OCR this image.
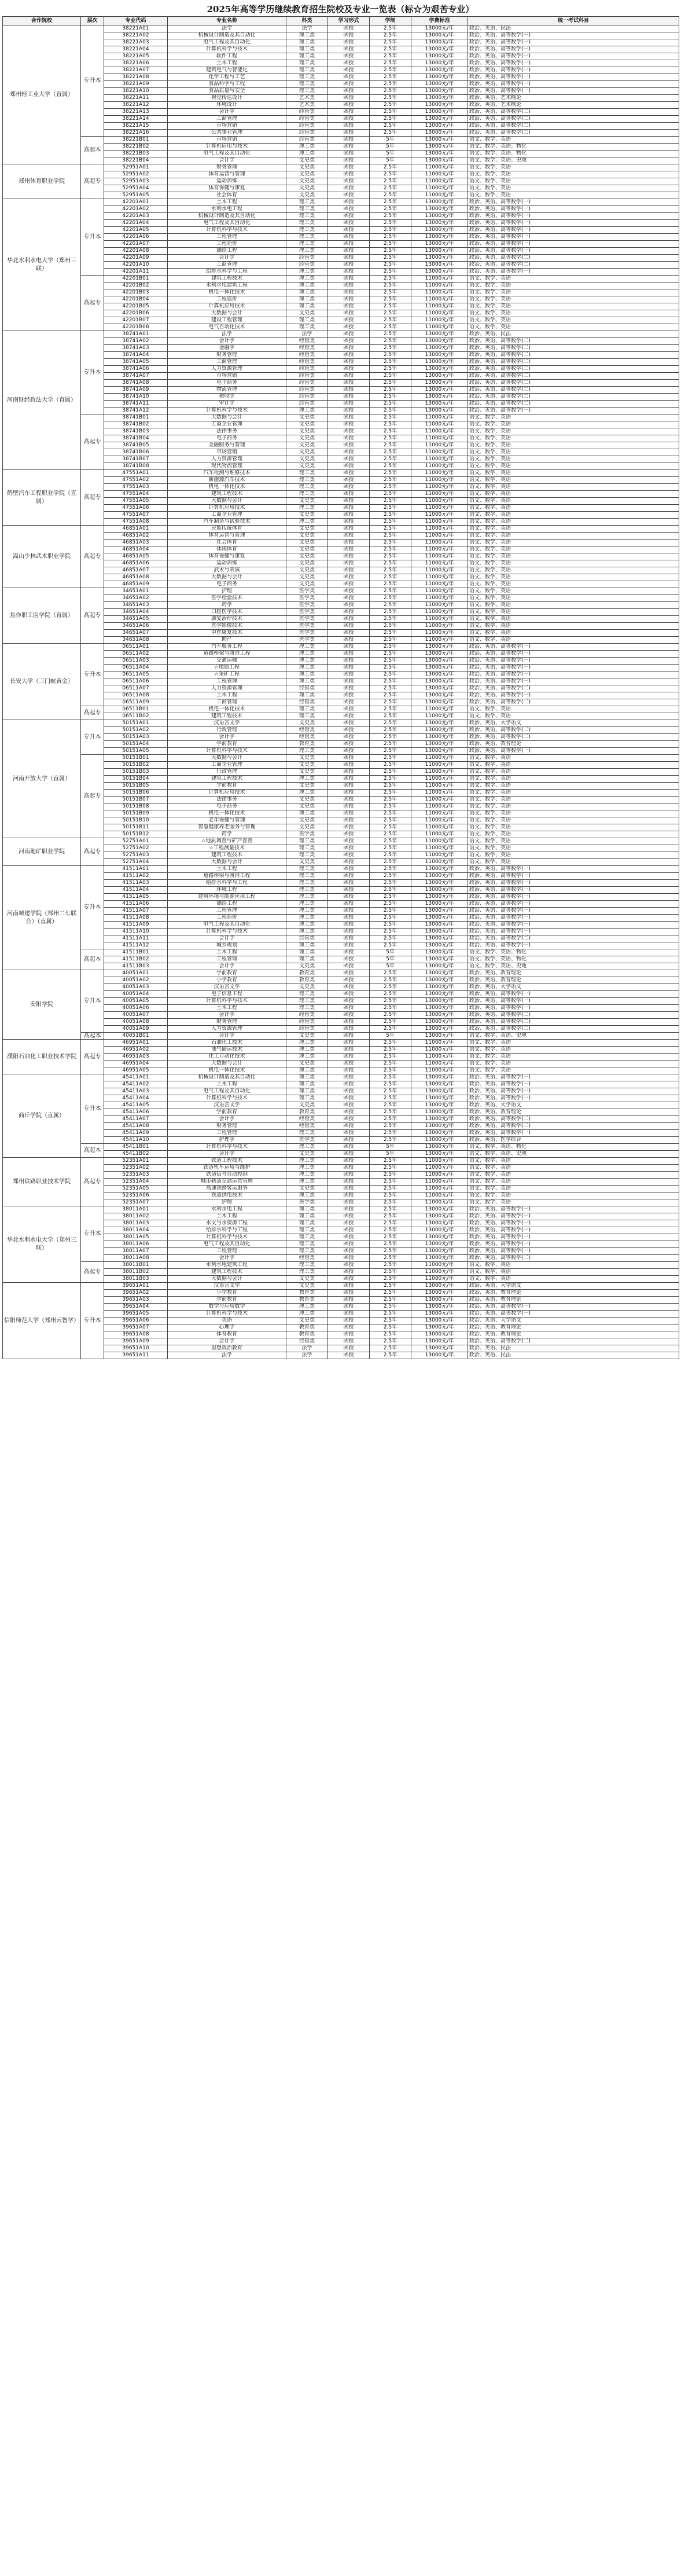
2025年高等学历继续教育招生院校及专业一览表（标☆为艰苦专业）
合作院校	层次	专业代码	专业名称	科类	学习形式	学制	学费标准	统一考试科目
郑州轻工业大学（直属）	专升本	38221A01	法学	法学	函授	2.5年	13000元/年	政治、英语、民法
		38221A02	机械设计制造及其自动化	理工类	函授	2.5年	13000元/年	政治、英语、高等数学(一)
		38221A03	电气工程及其自动化	理工类	函授	2.5年	13000元/年	政治、英语、高等数学(一)
		38221A04	计算机科学与技术	理工类	函授	2.5年	13000元/年	政治、英语、高等数学(一)
		38221A05	软件工程	理工类	函授	2.5年	13000元/年	政治、英语、高等数学(一)
		38221A06	土木工程	理工类	函授	2.5年	13000元/年	政治、英语、高等数学(一)
		38221A07	建筑电气与智能化	理工类	函授	2.5年	13000元/年	政治、英语、高等数学(一)
		38221A08	化学工程与工艺	理工类	函授	2.5年	13000元/年	政治、英语、高等数学(一)
		38221A09	食品科学与工程	理工类	函授	2.5年	13000元/年	政治、英语、高等数学(一)
		38221A10	食品质量与安全	理工类	函授	2.5年	13000元/年	政治、英语、高等数学(一)
		38221A11	视觉传达设计	艺术类	函授	2.5年	13000元/年	政治、英语、艺术概论
		38221A12	环境设计	艺术类	函授	2.5年	13000元/年	政治、英语、艺术概论
		38221A13	会计学	经管类	函授	2.5年	13000元/年	政治、英语、高等数学(二)
		38221A14	工商管理	经管类	函授	2.5年	13000元/年	政治、英语、高等数学(二)
		38221A15	市场营销	经管类	函授	2.5年	13000元/年	政治、英语、高等数学(二)
		38221A16	公共事业管理	经管类	函授	2.5年	13000元/年	政治、英语、高等数学(二)
	高起本	38221B01	市场营销	经管类	函授	5年	13000元/年	语文、数学、英语
		38221B02	计算机应用与技术	理工类	函授	5年	13000元/年	语文、数学、英语、物化
		38221B03	电气工程及其自动化	理工类	函授	5年	13000元/年	语文、数学、英语、物化
		38221B04	会计学	文史类	函授	5年	13000元/年	语文、数学、英语、史地
郑州体育职业学院	高起专	52951A01	财务管理	文史类	函授	2.5年	11000元/年	语文、数学、英语
		52951A02	体育运营与管理	文史类	函授	2.5年	11000元/年	语文、数学、英语
		52951A03	运动训练	文史类	函授	2.5年	11000元/年	语文、数学、英语
		52951A04	体育保健与康复	文史类	函授	2.5年	11000元/年	语文、数学、英语
		52951A05	社会体育	文史类	函授	2.5年	11000元/年	语文、数学、英语
华北水利水电大学（郑州三联）	专升本	42201A01	土木工程	理工类	函授	2.5年	13000元/年	政治、英语、高等数学(一)
		42201A02	水利水电工程	理工类	函授	2.5年	13000元/年	政治、英语、高等数学(一)
		42201A03	机械设计制造及其自动化	理工类	函授	2.5年	13000元/年	政治、英语、高等数学(一)
		42201A04	电气工程及其自动化	理工类	函授	2.5年	13000元/年	政治、英语、高等数学(一)
		42201A05	计算机科学与技术	理工类	函授	2.5年	13000元/年	政治、英语、高等数学(一)
		42201A06	工程管理	理工类	函授	2.5年	13000元/年	政治、英语、高等数学(一)
		42201A07	工程造价	理工类	函授	2.5年	13000元/年	政治、英语、高等数学(一)
		42201A08	测绘工程	理工类	函授	2.5年	13000元/年	政治、英语、高等数学(一)
		42201A09	会计学	经管类	函授	2.5年	13000元/年	政治、英语、高等数学(二)
		42201A10	工商管理	经管类	函授	2.5年	13000元/年	政治、英语、高等数学(二)
		42201A11	给排水科学与工程	理工类	函授	2.5年	13000元/年	政治、英语、高等数学(一)
	高起专	42201B01	建筑工程技术	理工类	函授	2.5年	11000元/年	语文、数学、英语
		42201B02	水利水电建筑工程	理工类	函授	2.5年	11000元/年	语文、数学、英语
		42201B03	机电一体化技术	理工类	函授	2.5年	11000元/年	语文、数学、英语
		42201B04	工程造价	理工类	函授	2.5年	11000元/年	语文、数学、英语
		42201B05	计算机应用技术	理工类	函授	2.5年	11000元/年	语文、数学、英语
		42201B06	大数据与会计	文史类	函授	2.5年	11000元/年	语文、数学、英语
		42201B07	建设工程管理	理工类	函授	2.5年	11000元/年	语文、数学、英语
		42201B08	电气自动化技术	理工类	函授	2.5年	11000元/年	语文、数学、英语
河南财经政法大学（直属）	专升本	38741A01	法学	法学	函授	2.5年	13000元/年	政治、英语、民法
		38741A02	会计学	经管类	函授	2.5年	13000元/年	政治、英语、高等数学(二)
		38741A03	金融学	经管类	函授	2.5年	13000元/年	政治、英语、高等数学(二)
		38741A04	财务管理	经管类	函授	2.5年	13000元/年	政治、英语、高等数学(二)
		38741A05	工商管理	经管类	函授	2.5年	13000元/年	政治、英语、高等数学(二)
		38741A06	人力资源管理	经管类	函授	2.5年	13000元/年	政治、英语、高等数学(二)
		38741A07	市场营销	经管类	函授	2.5年	13000元/年	政治、英语、高等数学(二)
		38741A08	电子商务	经管类	函授	2.5年	13000元/年	政治、英语、高等数学(二)
		38741A09	物流管理	经管类	函授	2.5年	13000元/年	政治、英语、高等数学(二)
		38741A10	税收学	经管类	函授	2.5年	13000元/年	政治、英语、高等数学(二)
		38741A11	审计学	经管类	函授	2.5年	13000元/年	政治、英语、高等数学(二)
		38741A12	计算机科学与技术	理工类	函授	2.5年	13000元/年	政治、英语、高等数学(一)
	高起专	38741B01	大数据与会计	文史类	函授	2.5年	11000元/年	语文、数学、英语
		38741B02	工商企业管理	文史类	函授	2.5年	11000元/年	语文、数学、英语
		38741B03	法律事务	文史类	函授	2.5年	11000元/年	语文、数学、英语
		38741B04	电子商务	文史类	函授	2.5年	11000元/年	语文、数学、英语
		38741B05	金融服务与管理	文史类	函授	2.5年	11000元/年	语文、数学、英语
		38741B06	市场营销	文史类	函授	2.5年	11000元/年	语文、数学、英语
		38741B07	人力资源管理	文史类	函授	2.5年	11000元/年	语文、数学、英语
		38741B08	现代物流管理	文史类	函授	2.5年	11000元/年	语文、数学、英语
鹤壁汽车工程职业学院（直属）	高起专	47551A01	汽车检测与维修技术	理工类	函授	2.5年	11000元/年	语文、数学、英语
		47551A02	新能源汽车技术	理工类	函授	2.5年	11000元/年	语文、数学、英语
		47551A03	机电一体化技术	理工类	函授	2.5年	11000元/年	语文、数学、英语
		47551A04	建筑工程技术	理工类	函授	2.5年	11000元/年	语文、数学、英语
		47551A05	大数据与会计	文史类	函授	2.5年	11000元/年	语文、数学、英语
		47551A06	计算机应用技术	理工类	函授	2.5年	11000元/年	语文、数学、英语
		47551A07	工商企业管理	文史类	函授	2.5年	11000元/年	语文、数学、英语
		47551A08	汽车制造与试验技术	理工类	函授	2.5年	11000元/年	语文、数学、英语
嵩山少林武术职业学院	高起专	46851A01	民族传统体育	文史类	函授	2.5年	11000元/年	语文、数学、英语
		46851A02	体育运营与管理	文史类	函授	2.5年	11000元/年	语文、数学、英语
		46851A03	社会体育	文史类	函授	2.5年	11000元/年	语文、数学、英语
		46851A04	休闲体育	文史类	函授	2.5年	11000元/年	语文、数学、英语
		46851A05	体育保健与康复	文史类	函授	2.5年	11000元/年	语文、数学、英语
		46851A06	运动训练	文史类	函授	2.5年	11000元/年	语文、数学、英语
		46851A07	武术与表演	文史类	函授	2.5年	11000元/年	语文、数学、英语
		46851A08	大数据与会计	文史类	函授	2.5年	11000元/年	语文、数学、英语
		46851A09	电子商务	文史类	函授	2.5年	11000元/年	语文、数学、英语
焦作职工医学院（直属）	高起专	34651A01	护理	医学类	函授	2.5年	11000元/年	语文、数学、英语
		34651A02	医学检验技术	医学类	函授	2.5年	11000元/年	语文、数学、英语
		34651A03	药学	医学类	函授	2.5年	11000元/年	语文、数学、英语
		34651A04	口腔医学技术	医学类	函授	2.5年	11000元/年	语文、数学、英语
		34651A05	康复治疗技术	医学类	函授	2.5年	11000元/年	语文、数学、英语
		34651A06	医学影像技术	医学类	函授	2.5年	11000元/年	语文、数学、英语
		34651A07	中医康复技术	医学类	函授	2.5年	11000元/年	语文、数学、英语
		34651A08	助产	医学类	函授	2.5年	11000元/年	语文、数学、英语
长安大学（三门峡黄金）	专升本	06511A01	汽车服务工程	理工类	函授	2.5年	13000元/年	政治、英语、高等数学(一)
		06511A02	道路桥梁与渡河工程	理工类	函授	2.5年	13000元/年	政治、英语、高等数学(一)
		06511A03	交通运输	理工类	函授	2.5年	13000元/年	政治、英语、高等数学(一)
		06511A04	☆地质工程	理工类	函授	2.5年	13000元/年	政治、英语、高等数学(一)
		06511A05	☆采矿工程	理工类	函授	2.5年	13000元/年	政治、英语、高等数学(一)
		06511A06	工程管理	理工类	函授	2.5年	13000元/年	政治、英语、高等数学(一)
		06511A07	人力资源管理	经管类	函授	2.5年	13000元/年	政治、英语、高等数学(二)
		06511A08	土木工程	理工类	函授	2.5年	13000元/年	政治、英语、高等数学(一)
		06511A09	工商管理	经管类	函授	2.5年	13000元/年	政治、英语、高等数学(二)
	高起专	06511B01	机电一体化技术	理工类	函授	2.5年	11000元/年	语文、数学、英语
		06511B02	建筑工程技术	理工类	函授	2.5年	11000元/年	语文、数学、英语
河南开放大学（直属）	专升本	50151A01	汉语言文学	文史类	函授	2.5年	13000元/年	政治、英语、大学语文
		50151A02	行政管理	经管类	函授	2.5年	13000元/年	政治、英语、高等数学(二)
		50151A03	会计学	经管类	函授	2.5年	13000元/年	政治、英语、高等数学(二)
		50151A04	学前教育	教育类	函授	2.5年	13000元/年	政治、英语、教育理论
		50151A05	计算机科学与技术	理工类	函授	2.5年	13000元/年	政治、英语、高等数学(一)
	高起专	50151B01	大数据与会计	文史类	函授	2.5年	11000元/年	语文、数学、英语
		50151B02	工商企业管理	文史类	函授	2.5年	11000元/年	语文、数学、英语
		50151B03	行政管理	文史类	函授	2.5年	11000元/年	语文、数学、英语
		50151B04	建筑工程技术	理工类	函授	2.5年	11000元/年	语文、数学、英语
		50151B05	学前教育	文史类	函授	2.5年	11000元/年	语文、数学、英语
		50151B06	计算机应用技术	理工类	函授	2.5年	11000元/年	语文、数学、英语
		50151B07	法律事务	文史类	函授	2.5年	11000元/年	语文、数学、英语
		50151B08	电子商务	文史类	函授	2.5年	11000元/年	语文、数学、英语
		50151B09	机电一体化技术	理工类	函授	2.5年	11000元/年	语文、数学、英语
		50151B10	老年保健与管理	文史类	函授	2.5年	11000元/年	语文、数学、英语
		50151B11	智慧健康养老服务与管理	文史类	函授	2.5年	11000元/年	语文、数学、英语
		50151B12	药学	医学类	函授	2.5年	11000元/年	语文、数学、英语
河南地矿职业学院	高起专	52751A01	☆地质调查与矿产普查	理工类	函授	2.5年	11000元/年	语文、数学、英语
		52751A02	☆工程测量技术	理工类	函授	2.5年	11000元/年	语文、数学、英语
		52751A03	建筑工程技术	理工类	函授	2.5年	11000元/年	语文、数学、英语
		52751A04	大数据与会计	文史类	函授	2.5年	11000元/年	语文、数学、英语
河南城建学院（郑州二七联合）（直属）	专升本	41511A01	土木工程	理工类	函授	2.5年	13000元/年	政治、英语、高等数学(一)
		41511A02	道路桥梁与渡河工程	理工类	函授	2.5年	13000元/年	政治、英语、高等数学(一)
		41511A03	给排水科学与工程	理工类	函授	2.5年	13000元/年	政治、英语、高等数学(一)
		41511A04	环境工程	理工类	函授	2.5年	13000元/年	政治、英语、高等数学(一)
		41511A05	建筑环境与能源应用工程	理工类	函授	2.5年	13000元/年	政治、英语、高等数学(一)
		41511A06	测绘工程	理工类	函授	2.5年	13000元/年	政治、英语、高等数学(一)
		41511A07	工程管理	理工类	函授	2.5年	13000元/年	政治、英语、高等数学(一)
		41511A08	工程造价	理工类	函授	2.5年	13000元/年	政治、英语、高等数学(一)
		41511A09	电气工程及其自动化	理工类	函授	2.5年	13000元/年	政治、英语、高等数学(一)
		41511A10	计算机科学与技术	理工类	函授	2.5年	13000元/年	政治、英语、高等数学(一)
		41511A11	会计学	经管类	函授	2.5年	13000元/年	政治、英语、高等数学(二)
		41511A12	城乡规划	理工类	函授	2.5年	13000元/年	政治、英语、高等数学(一)
	高起本	41511B01	土木工程	理工类	函授	5年	13000元/年	语文、数学、英语、物化
		41511B02	工程管理	理工类	函授	5年	13000元/年	语文、数学、英语、物化
		41511B03	会计学	文史类	函授	5年	13000元/年	语文、数学、英语、史地
安阳学院	专升本	40051A01	学前教育	教育类	函授	2.5年	13000元/年	政治、英语、教育理论
		40051A02	小学教育	教育类	函授	2.5年	13000元/年	政治、英语、教育理论
		40051A03	汉语言文学	文史类	函授	2.5年	13000元/年	政治、英语、大学语文
		40051A04	电子信息工程	理工类	函授	2.5年	13000元/年	政治、英语、高等数学(一)
		40051A05	计算机科学与技术	理工类	函授	2.5年	13000元/年	政治、英语、高等数学(一)
		40051A06	土木工程	理工类	函授	2.5年	13000元/年	政治、英语、高等数学(一)
		40051A07	会计学	经管类	函授	2.5年	13000元/年	政治、英语、高等数学(二)
		40051A08	财务管理	经管类	函授	2.5年	13000元/年	政治、英语、高等数学(二)
		40051A09	人力资源管理	经管类	函授	2.5年	13000元/年	政治、英语、高等数学(二)
	高起本	40051B01	会计学	文史类	函授	5年	13000元/年	语文、数学、英语、史地
濮阳石油化工职业技术学院	高起专	46951A01	石油化工技术	理工类	函授	2.5年	11000元/年	语文、数学、英语
		46951A02	油气储运技术	理工类	函授	2.5年	11000元/年	语文、数学、英语
		46951A03	化工自动化技术	理工类	函授	2.5年	11000元/年	语文、数学、英语
		46951A04	大数据与会计	文史类	函授	2.5年	11000元/年	语文、数学、英语
		46951A05	机电一体化技术	理工类	函授	2.5年	11000元/年	语文、数学、英语
商丘学院（直属）	专升本	45411A01	机械设计制造及其自动化	理工类	函授	2.5年	13000元/年	政治、英语、高等数学(一)
		45411A02	土木工程	理工类	函授	2.5年	13000元/年	政治、英语、高等数学(一)
		45411A03	电气工程及其自动化	理工类	函授	2.5年	13000元/年	政治、英语、高等数学(一)
		45411A04	计算机科学与技术	理工类	函授	2.5年	13000元/年	政治、英语、高等数学(一)
		45411A05	汉语言文学	文史类	函授	2.5年	13000元/年	政治、英语、大学语文
		45411A06	学前教育	教育类	函授	2.5年	13000元/年	政治、英语、教育理论
		45411A07	会计学	经管类	函授	2.5年	13000元/年	政治、英语、高等数学(二)
		45411A08	财务管理	经管类	函授	2.5年	13000元/年	政治、英语、高等数学(二)
		45411A09	工程管理	理工类	函授	2.5年	13000元/年	政治、英语、高等数学(一)
		45411A10	护理学	医学类	函授	2.5年	13000元/年	政治、英语、医学综合
	高起本	45411B01	计算机科学与技术	理工类	函授	5年	13000元/年	语文、数学、英语、物化
		45411B02	会计学	文史类	函授	5年	13000元/年	语文、数学、英语、史地
郑州铁路职业技术学院	高起专	52351A01	铁道工程技术	理工类	函授	2.5年	11000元/年	语文、数学、英语
		52351A02	铁道机车运用与维护	理工类	函授	2.5年	11000元/年	语文、数学、英语
		52351A03	铁道信号自动控制	理工类	函授	2.5年	11000元/年	语文、数学、英语
		52351A04	城市轨道交通运营管理	理工类	函授	2.5年	11000元/年	语文、数学、英语
		52351A05	高速铁路客运服务	文史类	函授	2.5年	11000元/年	语文、数学、英语
		52351A06	铁道供电技术	理工类	函授	2.5年	11000元/年	语文、数学、英语
		52351A07	护理	医学类	函授	2.5年	11000元/年	语文、数学、英语
华北水利水电大学（郑州三联）	专升本	38011A01	水利水电工程	理工类	函授	2.5年	13000元/年	政治、英语、高等数学(一)
		38011A02	土木工程	理工类	函授	2.5年	13000元/年	政治、英语、高等数学(一)
		38011A03	水文与水资源工程	理工类	函授	2.5年	13000元/年	政治、英语、高等数学(一)
		38011A04	给排水科学与工程	理工类	函授	2.5年	13000元/年	政治、英语、高等数学(一)
		38011A05	计算机科学与技术	理工类	函授	2.5年	13000元/年	政治、英语、高等数学(一)
		38011A06	电气工程及其自动化	理工类	函授	2.5年	13000元/年	政治、英语、高等数学(一)
		38011A07	工程管理	理工类	函授	2.5年	13000元/年	政治、英语、高等数学(一)
		38011A08	会计学	经管类	函授	2.5年	13000元/年	政治、英语、高等数学(二)
	高起专	38011B01	水利水电建筑工程	理工类	函授	2.5年	11000元/年	语文、数学、英语
		38011B02	建筑工程技术	理工类	函授	2.5年	11000元/年	语文、数学、英语
		38011B03	大数据与会计	文史类	函授	2.5年	11000元/年	语文、数学、英语
信阳师范大学（郑州云智学）	专升本	39651A01	汉语言文学	文史类	函授	2.5年	13000元/年	政治、英语、大学语文
		39651A02	小学教育	教育类	函授	2.5年	13000元/年	政治、英语、教育理论
		39651A03	学前教育	教育类	函授	2.5年	13000元/年	政治、英语、教育理论
		39651A04	数学与应用数学	理工类	函授	2.5年	13000元/年	政治、英语、高等数学(一)
		39651A05	计算机科学与技术	理工类	函授	2.5年	13000元/年	政治、英语、高等数学(一)
		39651A06	英语	文史类	函授	2.5年	13000元/年	政治、英语、大学语文
		39651A07	心理学	教育类	函授	2.5年	13000元/年	政治、英语、教育理论
		39651A08	体育教育	教育类	函授	2.5年	13000元/年	政治、英语、教育理论
		39651A09	会计学	经管类	函授	2.5年	13000元/年	政治、英语、高等数学(二)
		39651A10	思想政治教育	法学	函授	2.5年	13000元/年	政治、英语、民法
		39651A11	法学	法学	函授	2.5年	13000元/年	政治、英语、民法
